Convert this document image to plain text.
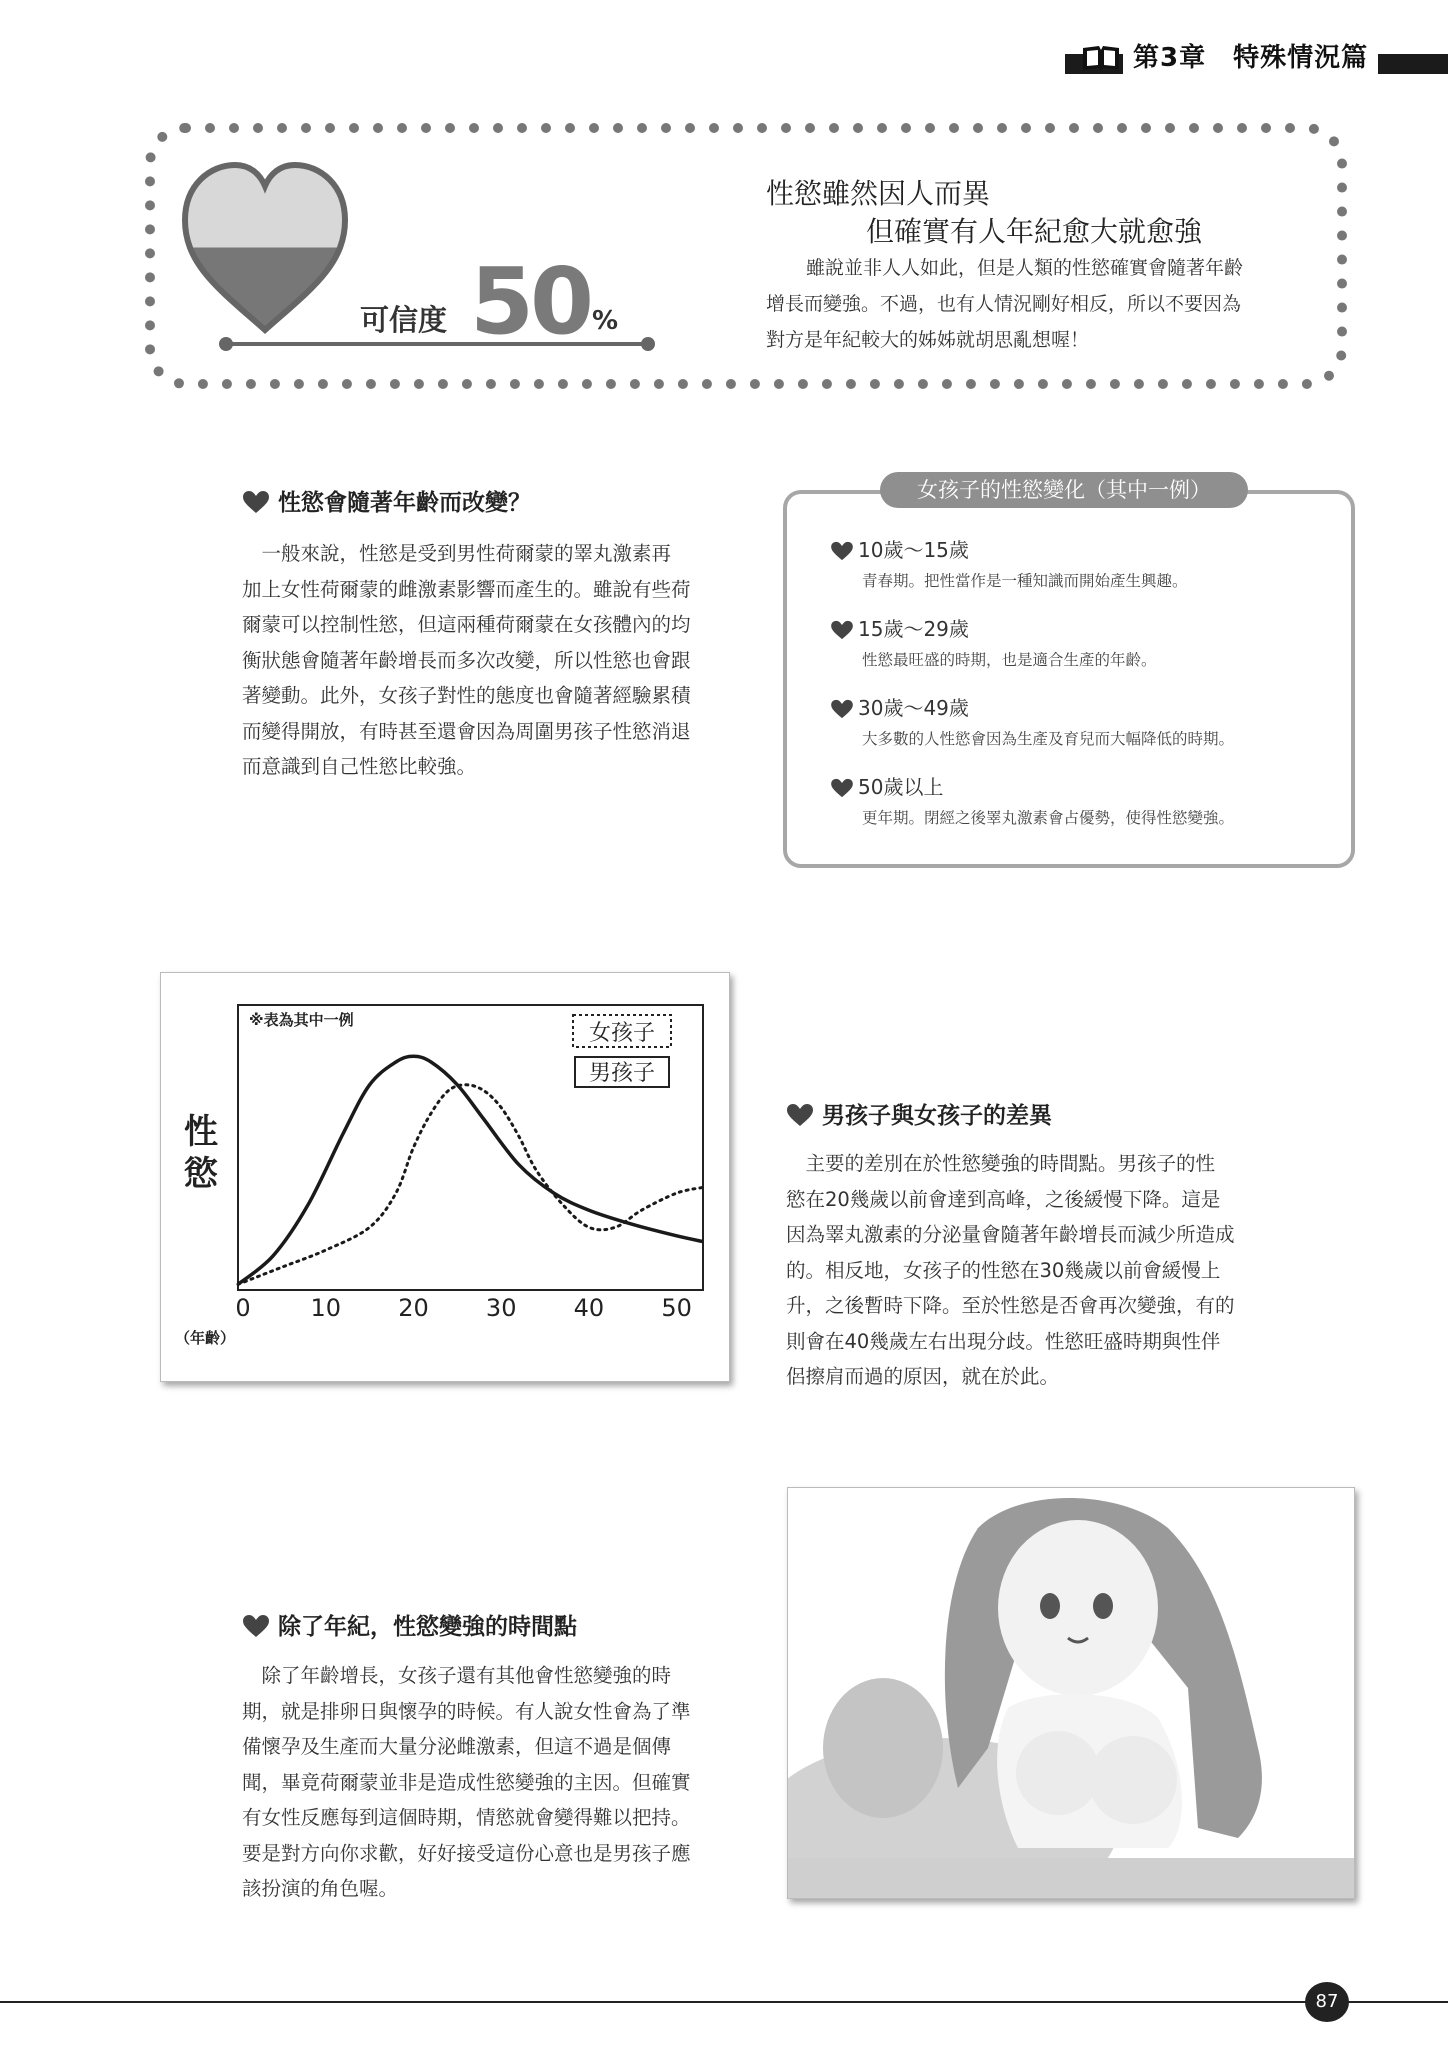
第3章　特殊情況篇
可信度 50 %
性慾雖然因人而異
但確實有人年紀愈大就愈強
雖說並非人人如此，但是人類的性慾確實會隨著年齡
增長而變強。不過，也有人情況剛好相反，所以不要因為
對方是年紀較大的姊姊就胡思亂想喔！
性慾會隨著年齡而改變？
　一般來說，性慾是受到男性荷爾蒙的睪丸激素再
加上女性荷爾蒙的雌激素影響而產生的。雖說有些荷
爾蒙可以控制性慾，但這兩種荷爾蒙在女孩體內的均
衡狀態會隨著年齡增長而多次改變，所以性慾也會跟
著變動。此外，女孩子對性的態度也會隨著經驗累積
而變得開放，有時甚至還會因為周圍男孩子性慾消退
而意識到自己性慾比較強。
女孩子的性慾變化（其中一例）
10歲～15歲
青春期。把性當作是一種知識而開始產生興趣。
15歲～29歲
性慾最旺盛的時期，也是適合生產的年齡。
30歲～49歲
大多數的人性慾會因為生產及育兒而大幅降低的時期。
50歲以上
更年期。閉經之後睪丸激素會占優勢，使得性慾變強。
※表為其中一例
性
慾
（年齡）
女孩子
男孩子
0 10 20 30 40 50
男孩子與女孩子的差異
　主要的差別在於性慾變強的時間點。男孩子的性
慾在20幾歲以前會達到高峰，之後緩慢下降。這是
因為睪丸激素的分泌量會隨著年齡增長而減少所造成
的。相反地，女孩子的性慾在30幾歲以前會緩慢上
升，之後暫時下降。至於性慾是否會再次變強，有的
則會在40幾歲左右出現分歧。性慾旺盛時期與性伴
侶擦肩而過的原因，就在於此。
除了年紀，性慾變強的時間點
　除了年齡增長，女孩子還有其他會性慾變強的時
期，就是排卵日與懷孕的時候。有人說女性會為了準
備懷孕及生產而大量分泌雌激素，但這不過是個傳
聞，畢竟荷爾蒙並非是造成性慾變強的主因。但確實
有女性反應每到這個時期，情慾就會變得難以把持。
要是對方向你求歡，好好接受這份心意也是男孩子應
該扮演的角色喔。
87
